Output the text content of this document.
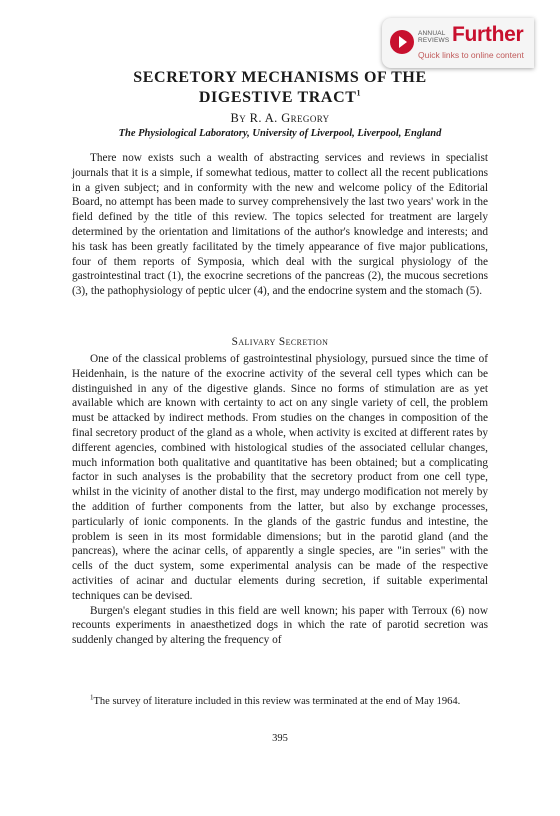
ANNUAL
REVIEWS Further
Quick links to online content
SECRETORY MECHANISMS OF THE
DIGESTIVE TRACT$^1$
By R. A. Gregory
The Physiological Laboratory, University of Liverpool, Liverpool, England

There now exists such a wealth of abstracting services and reviews in specialist journals that it is a simple, if somewhat tedious, matter to collect all the recent publications in a given subject; and in conformity with the new and welcome policy of the Editorial Board, no attempt has been made to survey comprehensively the last two years' work in the field defined by the title of this review. The topics selected for treatment are largely determined by the orientation and limitations of the author's knowledge and interests; and his task has been greatly facilitated by the timely appearance of five major publications, four of them reports of Symposia, which deal with the surgical physiology of the gastrointestinal tract (1), the exocrine secretions of the pancreas (2), the mucous secretions (3), the pathophysiology of peptic ulcer (4), and the endocrine system and the stomach (5).

Salivary Secretion

One of the classical problems of gastrointestinal physiology, pursued since the time of Heidenhain, is the nature of the exocrine activity of the several cell types which can be distinguished in any of the digestive glands. Since no forms of stimulation are as yet available which are known with certainty to act on any single variety of cell, the problem must be attacked by indirect methods. From studies on the changes in composition of the final secretory product of the gland as a whole, when activity is excited at different rates by different agencies, combined with histological studies of the associated cellular changes, much information both qualitative and quantitative has been obtained; but a complicating factor in such analyses is the probability that the secretory product from one cell type, whilst in the vicinity of another distal to the first, may undergo modification not merely by the addition of further components from the latter, but also by exchange processes, particularly of ionic components. In the glands of the gastric fundus and intestine, the problem is seen in its most formidable dimensions; but in the parotid gland (and the pancreas), where the acinar cells, of apparently a single species, are "in series" with the cells of the duct system, some experimental analysis can be made of the respective activities of acinar and ductular elements during secretion, if suitable experimental techniques can be devised.

Burgen's elegant studies in this field are well known; his paper with Terroux (6) now recounts experiments in anaesthetized dogs in which the rate of parotid secretion was suddenly changed by altering the frequency of

$^1$The survey of literature included in this review was terminated at the end of May 1964.

395
